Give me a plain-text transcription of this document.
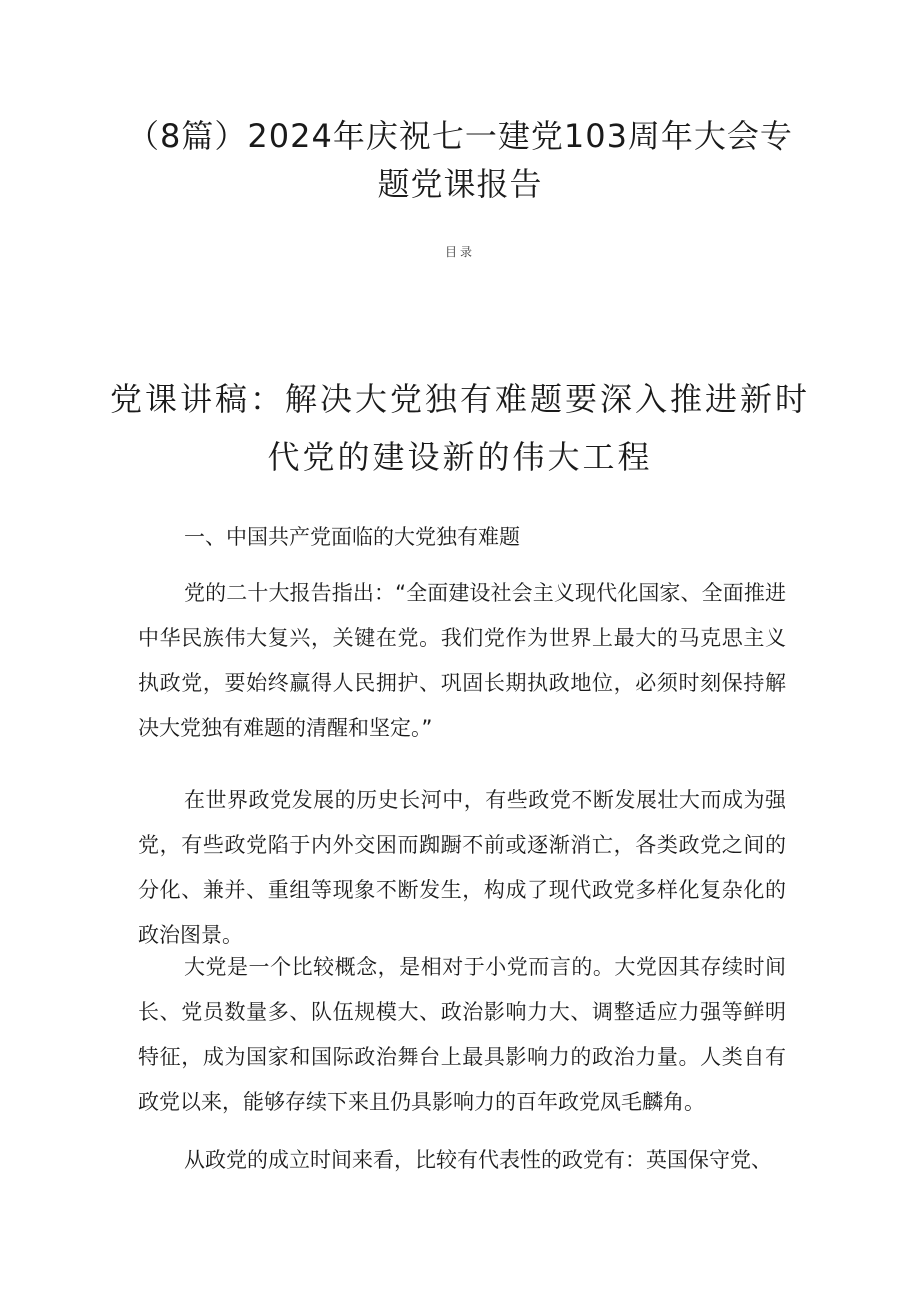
（8篇）2024年庆祝七一建党103周年大会专题党课报告
目录
党课讲稿：解决大党独有难题要深入推进新时代党的建设新的伟大工程
一、中国共产党面临的大党独有难题

党的二十大报告指出：“全面建设社会主义现代化国家、全面推进中华民族伟大复兴，关键在党。我们党作为世界上最大的马克思主义执政党，要始终赢得人民拥护、巩固长期执政地位，必须时刻保持解决大党独有难题的清醒和坚定。”

在世界政党发展的历史长河中，有些政党不断发展壮大而成为强党，有些政党陷于内外交困而踟蹰不前或逐渐消亡，各类政党之间的分化、兼并、重组等现象不断发生，构成了现代政党多样化复杂化的政治图景。

大党是一个比较概念，是相对于小党而言的。大党因其存续时间长、党员数量多、队伍规模大、政治影响力大、调整适应力强等鲜明特征，成为国家和国际政治舞台上最具影响力的政治力量。人类自有政党以来，能够存续下来且仍具影响力的百年政党凤毛麟角。

从政党的成立时间来看，比较有代表性的政党有：英国保守党、
